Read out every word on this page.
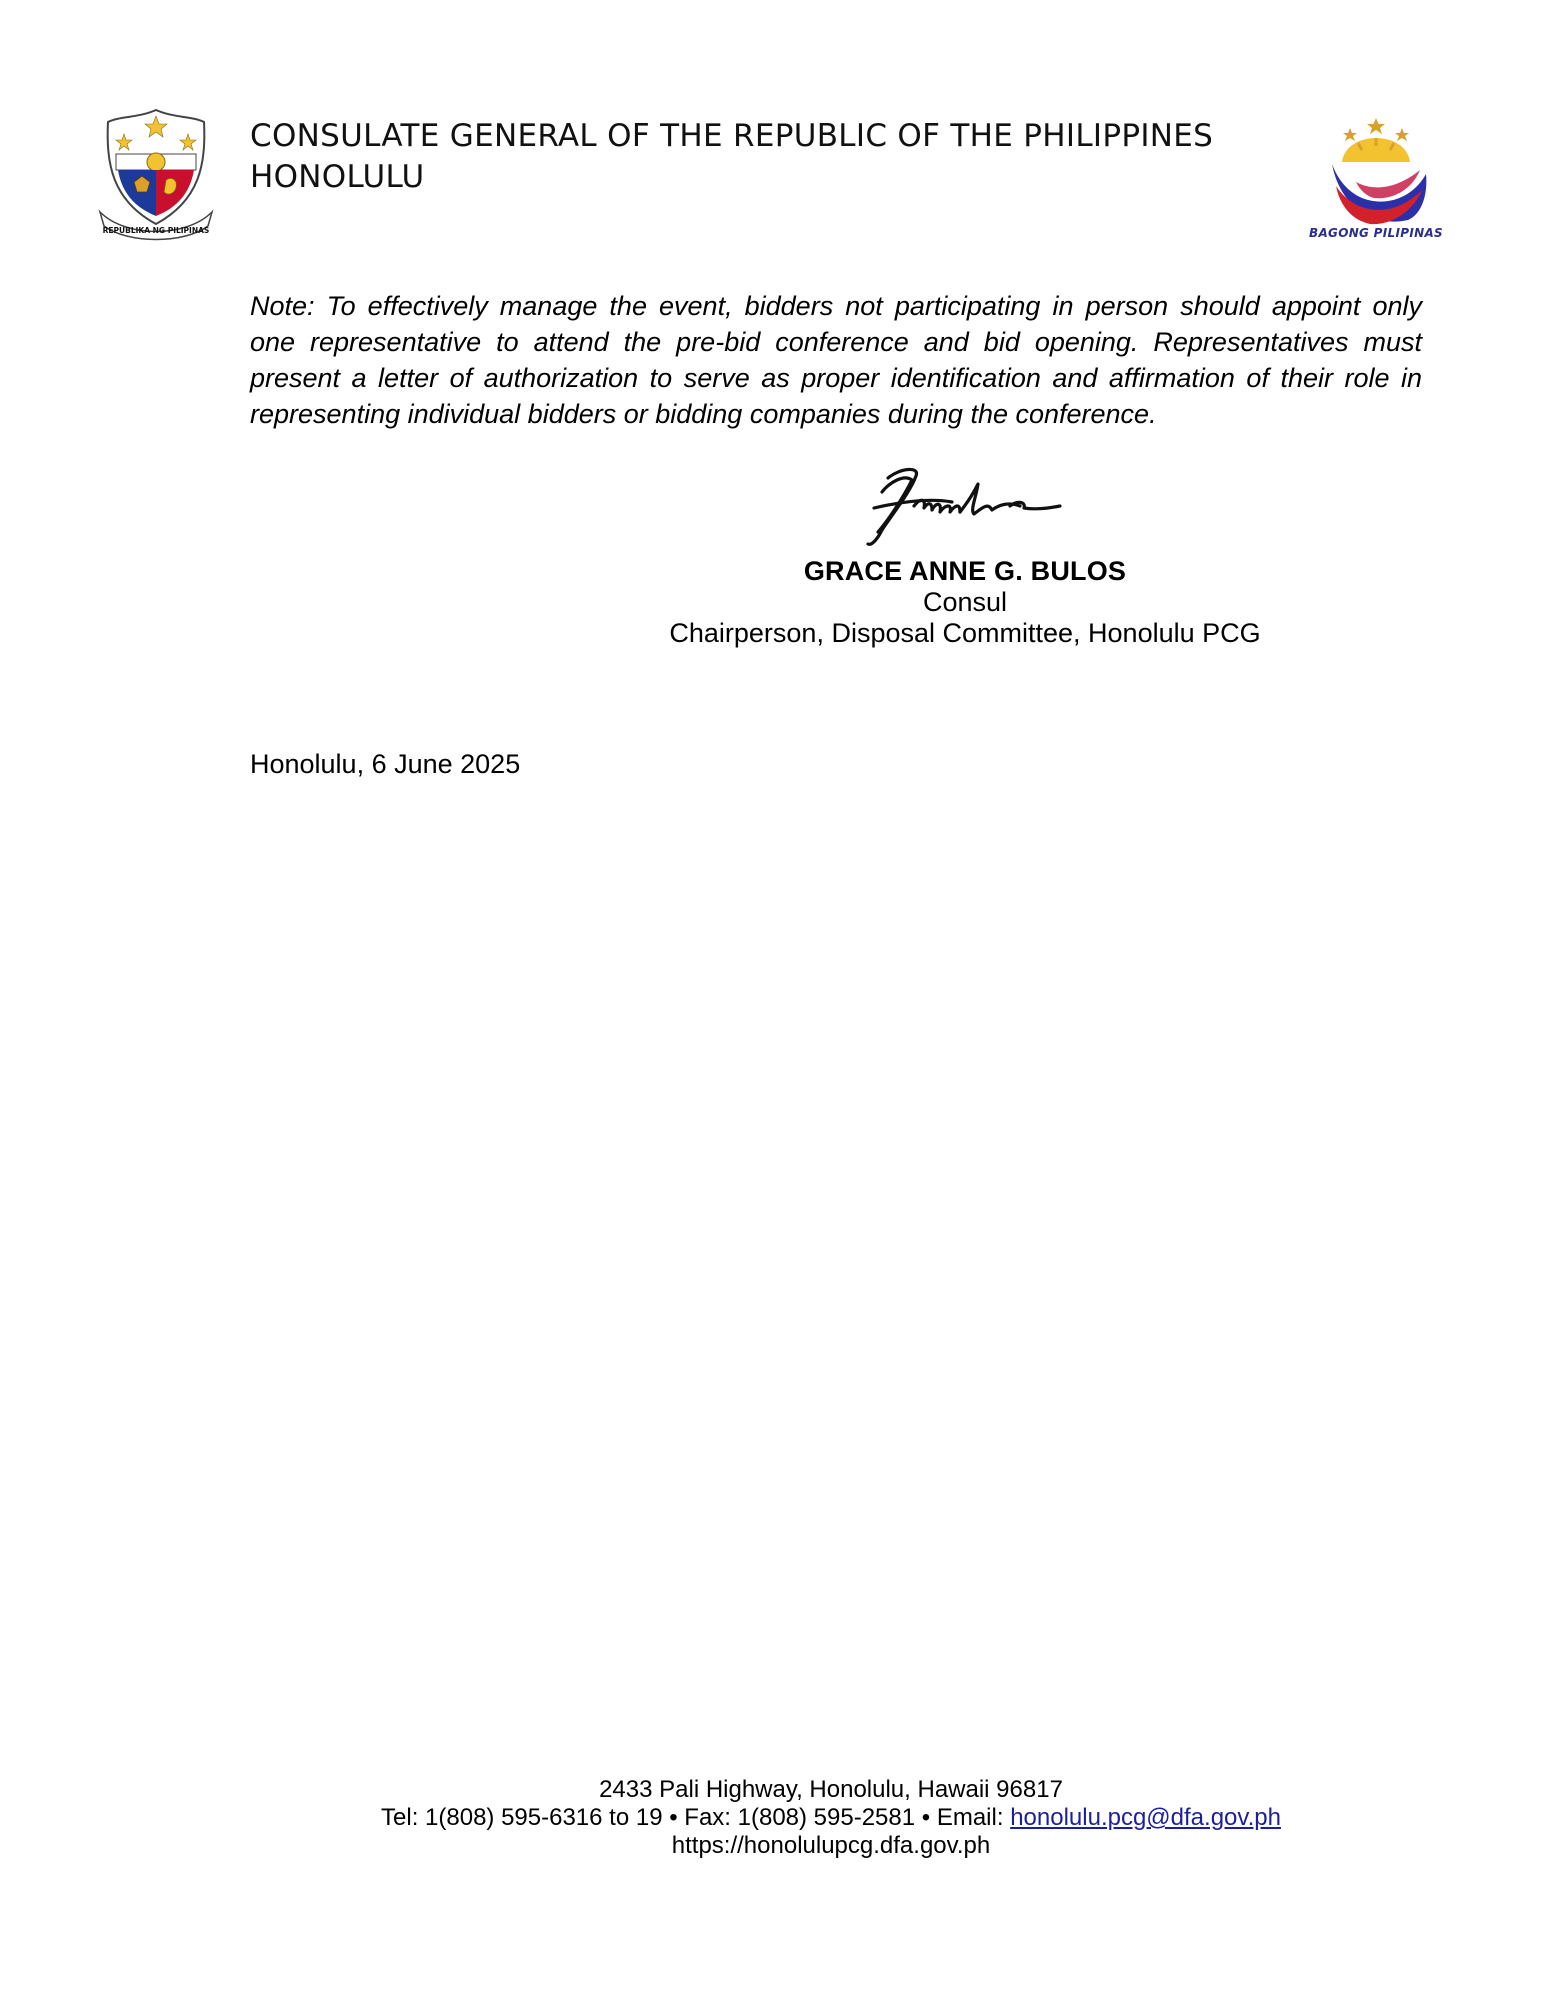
REPUBLIKA NG PILIPINAS
CONSULATE GENERAL OF THE REPUBLIC OF THE PHILIPPINES
HONOLULU
BAGONG PILIPINAS
Note: To effectively manage the event, bidders not participating in person should appoint only
one representative to attend the pre-bid conference and bid opening. Representatives must
present a letter of authorization to serve as proper identification and affirmation of their role in
representing individual bidders or bidding companies during the conference.
GRACE ANNE G. BULOS
Consul
Chairperson, Disposal Committee, Honolulu PCG
Honolulu, 6 June 2025
2433 Pali Highway, Honolulu, Hawaii 96817
Tel: 1(808) 595-6316 to 19 • Fax: 1(808) 595-2581 • Email: honolulu.pcg@dfa.gov.ph
https://honolulupcg.dfa.gov.ph
